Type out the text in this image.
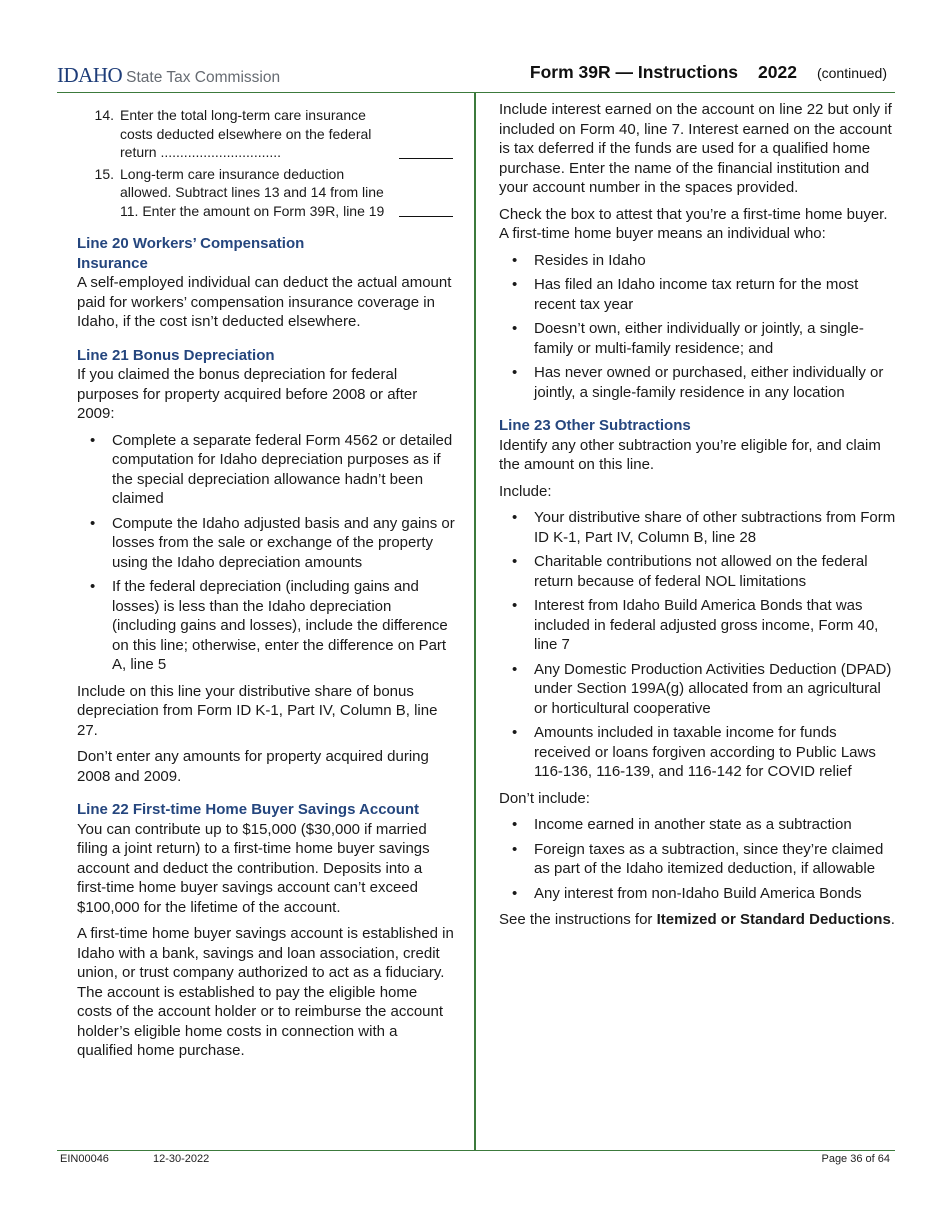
IDAHO State Tax Commission	Form 39R — Instructions 2022 (continued)
14. Enter the total long-term care insurance costs deducted elsewhere on the federal return ...............................
15. Long-term care insurance deduction allowed. Subtract lines 13 and 14 from line 11. Enter the amount on Form 39R, line 19
Line 20 Workers’ Compensation Insurance

A self-employed individual can deduct the actual amount paid for workers’ compensation insurance coverage in Idaho, if the cost isn’t deducted elsewhere.

Line 21 Bonus Depreciation

If you claimed the bonus depreciation for federal purposes for property acquired before 2008 or after 2009:

• Complete a separate federal Form 4562 or detailed computation for Idaho depreciation purposes as if the special depreciation allowance hadn’t been claimed
• Compute the Idaho adjusted basis and any gains or losses from the sale or exchange of the property using the Idaho depreciation amounts
• If the federal depreciation (including gains and losses) is less than the Idaho depreciation (including gains and losses), include the difference on this line; otherwise, enter the difference on Part A, line 5

Include on this line your distributive share of bonus depreciation from Form ID K-1, Part IV, Column B, line 27.

Don’t enter any amounts for property acquired during 2008 and 2009.

Line 22 First-time Home Buyer Savings Account

You can contribute up to $15,000 ($30,000 if married filing a joint return) to a first-time home buyer savings account and deduct the contribution. Deposits into a first-time home buyer savings account can’t exceed $100,000 for the lifetime of the account.

A first-time home buyer savings account is established in Idaho with a bank, savings and loan association, credit union, or trust company authorized to act as a fiduciary. The account is established to pay the eligible home costs of the account holder or to reimburse the account holder’s eligible home costs in connection with a qualified home purchase.

Include interest earned on the account on line 22 but only if included on Form 40, line 7. Interest earned on the account is tax deferred if the funds are used for a qualified home purchase. Enter the name of the financial institution and your account number in the spaces provided.

Check the box to attest that you’re a first-time home buyer. A first-time home buyer means an individual who:

• Resides in Idaho
• Has filed an Idaho income tax return for the most recent tax year
• Doesn’t own, either individually or jointly, a single-family or multi-family residence; and
• Has never owned or purchased, either individually or jointly, a single-family residence in any location
Line 23 Other Subtractions

Identify any other subtraction you’re eligible for, and claim the amount on this line.

Include:

• Your distributive share of other subtractions from Form ID K-1, Part IV, Column B, line 28
• Charitable contributions not allowed on the federal return because of federal NOL limitations
• Interest from Idaho Build America Bonds that was included in federal adjusted gross income, Form 40, line 7
• Any Domestic Production Activities Deduction (DPAD) under Section 199A(g) allocated from an agricultural or horticultural cooperative
• Amounts included in taxable income for funds received or loans forgiven according to Public Laws 116-136, 116-139, and 116-142 for COVID relief

Don’t include:

• Income earned in another state as a subtraction
• Foreign taxes as a subtraction, since they’re claimed as part of the Idaho itemized deduction, if allowable
• Any interest from non-Idaho Build America Bonds

See the instructions for Itemized or Standard Deductions.

EIN00046	12-30-2022	Page 36 of 64
